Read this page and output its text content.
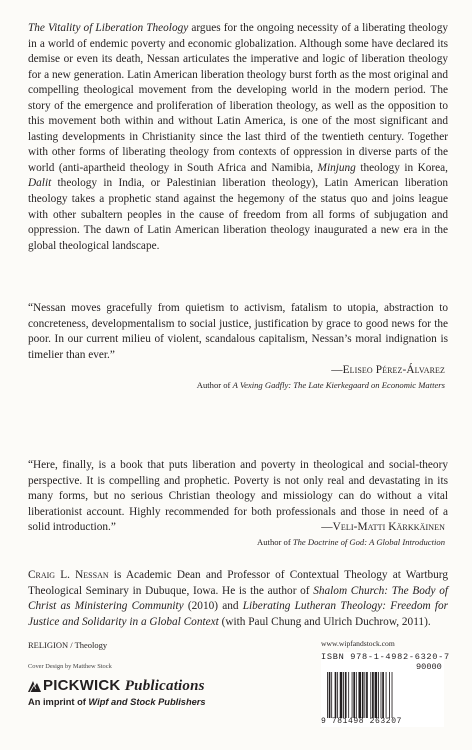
The Vitality of Liberation Theology argues for the ongoing necessity of a liberating theology in a world of endemic poverty and economic globalization. Although some have declared its demise or even its death, Nessan articulates the imperative and logic of liberation theology for a new generation. Latin American liberation theology burst forth as the most original and compelling theological movement from the developing world in the modern period. The story of the emergence and proliferation of liberation theology, as well as the opposition to this movement both within and without Latin America, is one of the most significant and lasting developments in Christianity since the last third of the twentieth century. Together with other forms of liberating theology from contexts of oppression in diverse parts of the world (anti-apartheid theology in South Africa and Namibia, Minjung theology in Korea, Dalit theology in India, or Palestinian liberation theology), Latin American liberation theology takes a prophetic stand against the hegemony of the status quo and joins league with other subaltern peoples in the cause of freedom from all forms of subjugation and oppression. The dawn of Latin American liberation theology inaugurated a new era in the global theological landscape.

“Nessan moves gracefully from quietism to activism, fatalism to utopia, abstraction to concreteness, developmentalism to social justice, justification by grace to good news for the poor. In our current milieu of violent, scandalous capitalism, Nessan’s moral indignation is timelier than ever.”

—Eliseo Pérez-Álvarez
Author of A Vexing Gadfly: The Late Kierkegaard on Economic Matters

“Here, finally, is a book that puts liberation and poverty in theological and social-theory perspective. It is compelling and prophetic. Poverty is not only real and devastating in its many forms, but no serious Christian theology and missiology can do without a vital liberationist account. Highly recommended for both professionals and those in need of a solid introduction.”	—Veli-Matti Kärkkäinen
Author of The Doctrine of God: A Global Introduction

Craig L. Nessan is Academic Dean and Professor of Contextual Theology at Wartburg Theological Seminary in Dubuque, Iowa. He is the author of Shalom Church: The Body of Christ as Ministering Community (2010) and Liberating Lutheran Theology: Freedom for Justice and Solidarity in a Global Context (with Paul Chung and Ulrich Duchrow, 2011).

RELIGION / Theology
Cover Design by Matthew Stock
PICKWICK Publications
An imprint of Wipf and Stock Publishers
www.wipfandstock.com
ISBN 978-1-4982-6320-7
90000
9 781498 263207
